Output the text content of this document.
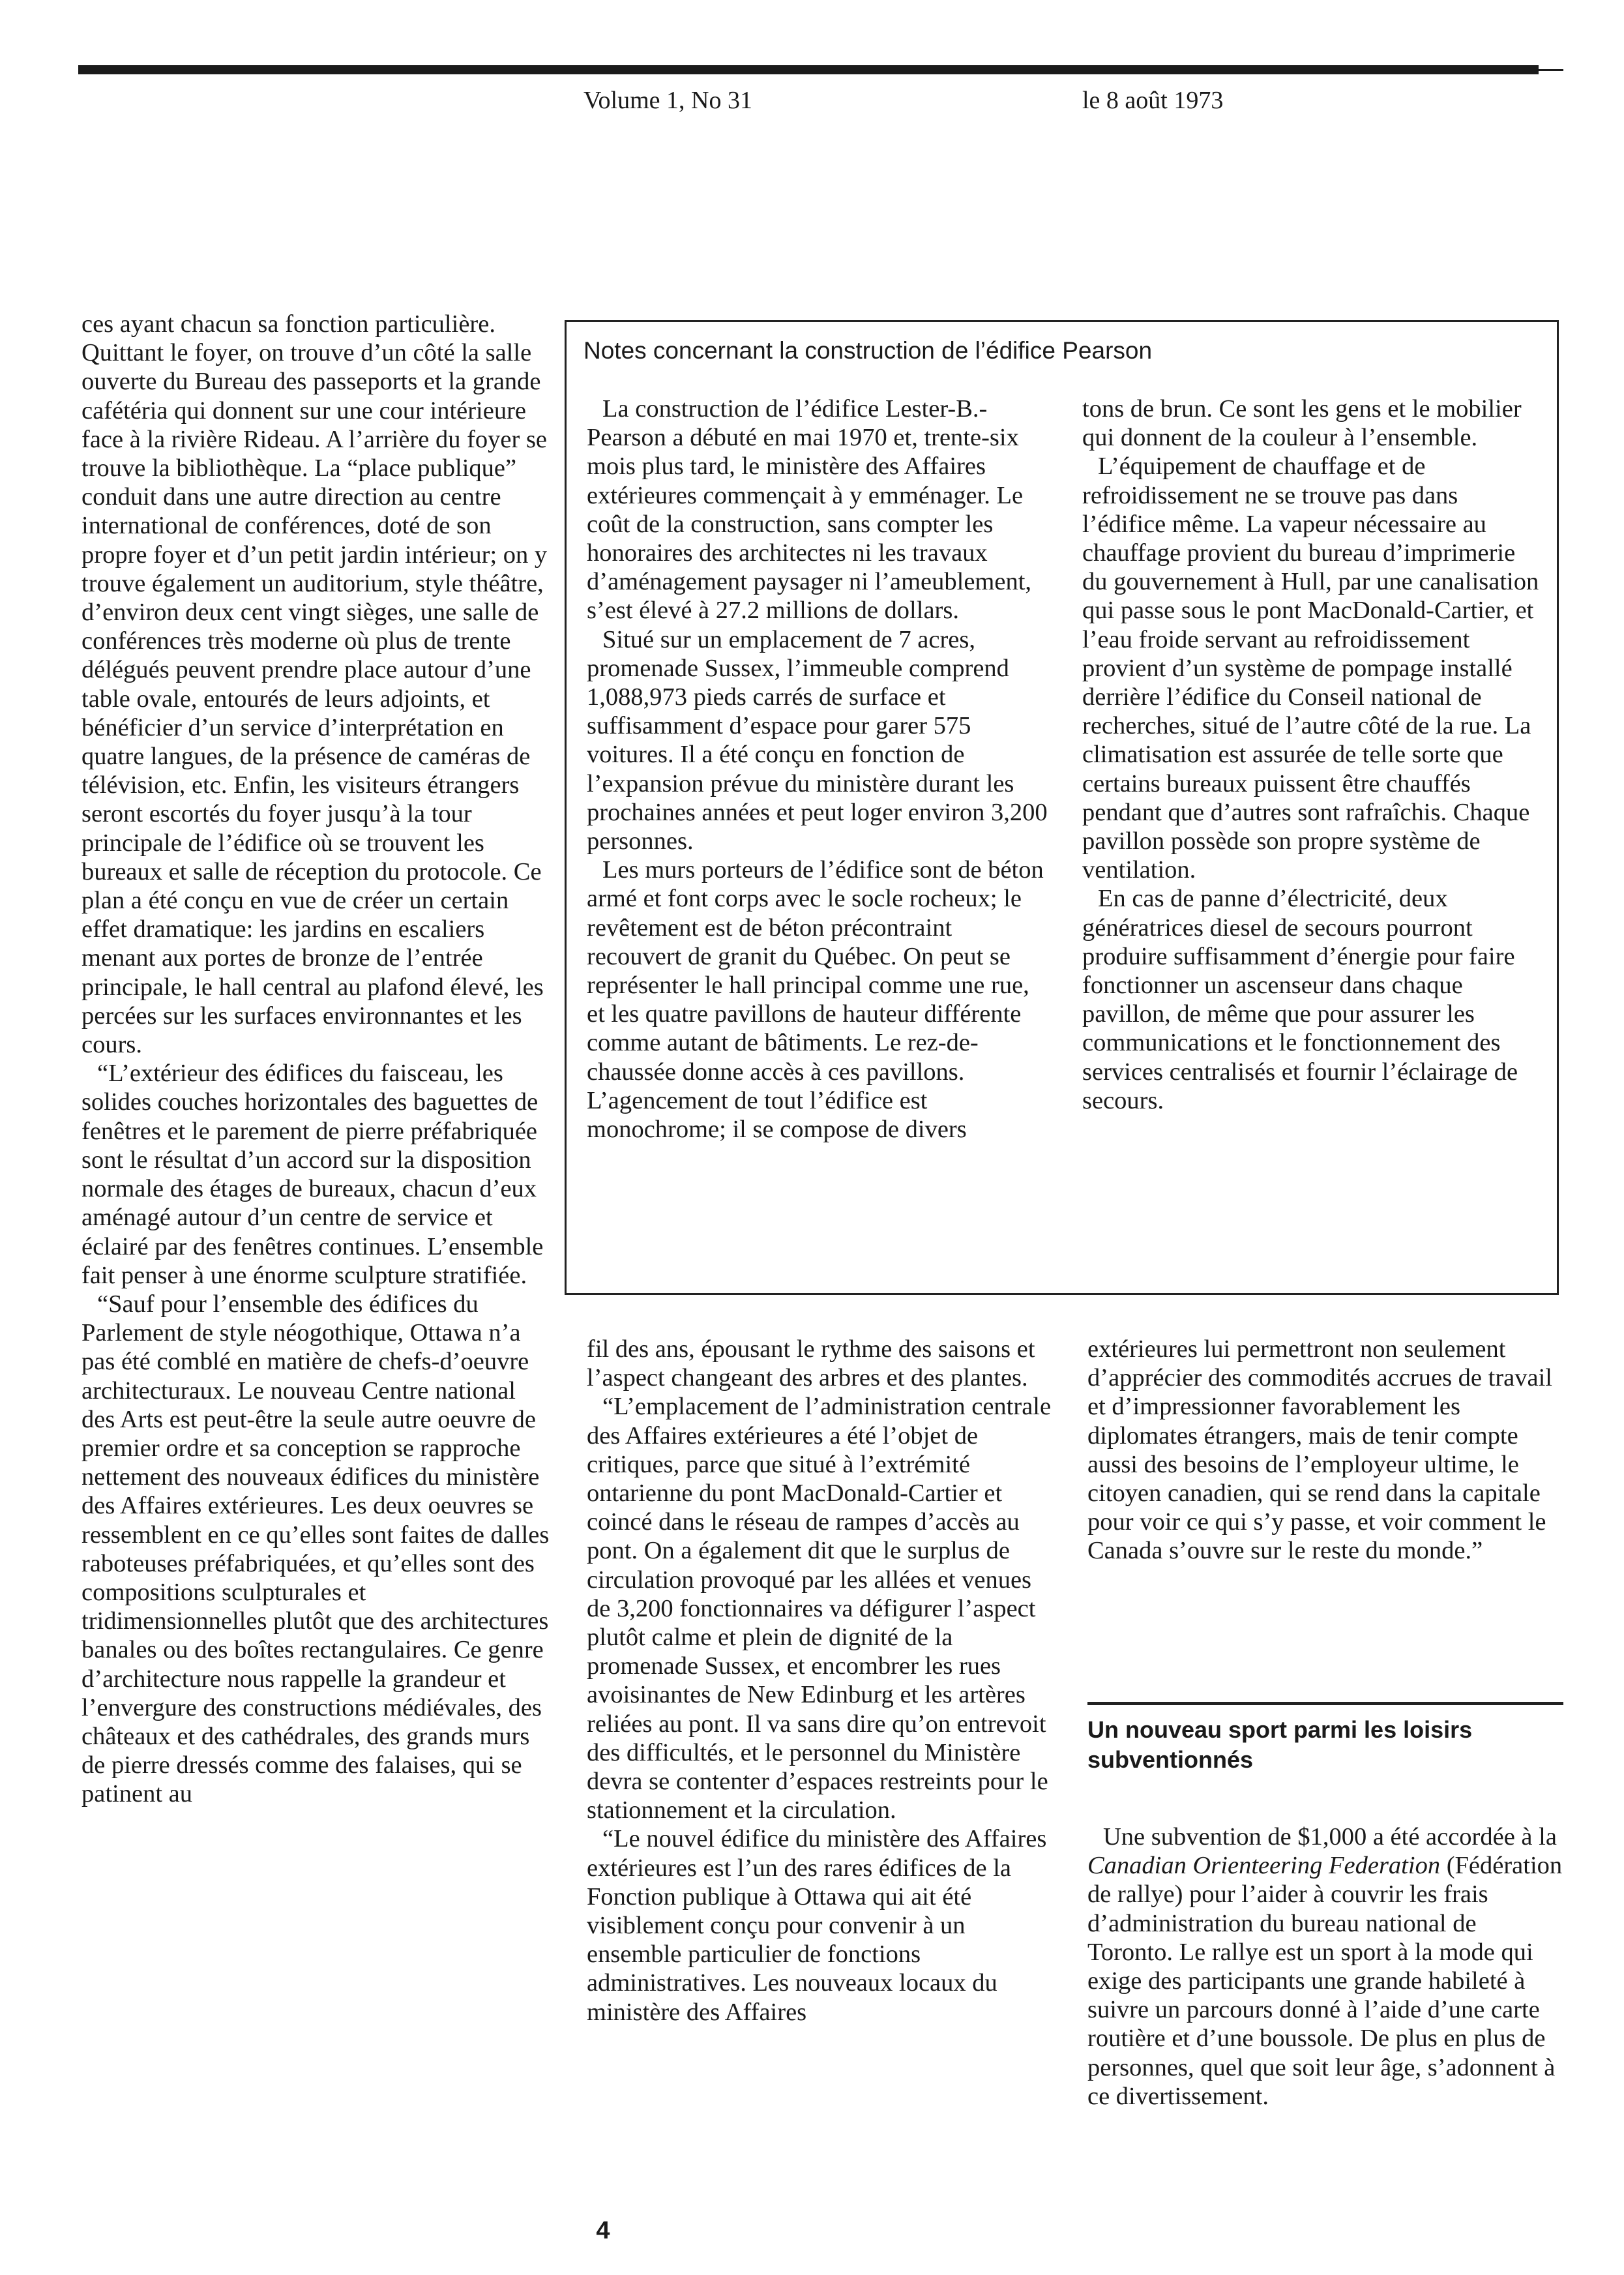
Volume 1, No 31	le 8 août 1973

ces ayant chacun sa fonction particulière. Quittant le foyer, on trouve d’un côté la salle ouverte du Bureau des passeports et la grande cafétéria qui donnent sur une cour intérieure face à la rivière Rideau. A l’arrière du foyer se trouve la bibliothèque. La “place publique” conduit dans une autre direction au centre international de conférences, doté de son propre foyer et d’un petit jardin intérieur; on y trouve également un auditorium, style théâtre, d’environ deux cent vingt sièges, une salle de conférences très moderne où plus de trente délégués peuvent prendre place autour d’une table ovale, entourés de leurs adjoints, et bénéficier d’un service d’interprétation en quatre langues, de la présence de caméras de télévision, etc. Enfin, les visiteurs étrangers seront escortés du foyer jusqu’à la tour principale de l’édifice où se trouvent les bureaux et salle de réception du protocole. Ce plan a été conçu en vue de créer un certain effet dramatique: les jardins en escaliers menant aux portes de bronze de l’entrée principale, le hall central au plafond élevé, les percées sur les surfaces environnantes et les cours.

“L’extérieur des édifices du faisceau, les solides couches horizontales des baguettes de fenêtres et le parement de pierre préfabriquée sont le résultat d’un accord sur la disposition normale des étages de bureaux, chacun d’eux aménagé autour d’un centre de service et éclairé par des fenêtres continues. L’ensemble fait penser à une énorme sculpture stratifiée.

“Sauf pour l’ensemble des édifices du Parlement de style néogothique, Ottawa n’a pas été comblé en matière de chefs-d’oeuvre architecturaux. Le nouveau Centre national des Arts est peut-être la seule autre oeuvre de premier ordre et sa conception se rapproche nettement des nouveaux édifices du ministère des Affaires extérieures. Les deux oeuvres se ressemblent en ce qu’elles sont faites de dalles raboteuses préfabriquées, et qu’elles sont des compositions sculpturales et tridimensionnelles plutôt que des architectures banales ou des boîtes rectangulaires. Ce genre d’architecture nous rappelle la grandeur et l’envergure des constructions médiévales, des châteaux et des cathédrales, des grands murs de pierre dressés comme des falaises, qui se patinent au

Notes concernant la construction de l’édifice Pearson

La construction de l’édifice Lester-B.-Pearson a débuté en mai 1970 et, trente-six mois plus tard, le ministère des Affaires extérieures commençait à y emménager. Le coût de la construction, sans compter les honoraires des architectes ni les travaux d’aménagement paysager ni l’ameublement, s’est élevé à 27.2 millions de dollars.

Situé sur un emplacement de 7 acres, promenade Sussex, l’immeuble comprend 1,088,973 pieds carrés de surface et suffisamment d’espace pour garer 575 voitures. Il a été conçu en fonction de l’expansion prévue du ministère durant les prochaines années et peut loger environ 3,200 personnes.

Les murs porteurs de l’édifice sont de béton armé et font corps avec le socle rocheux; le revêtement est de béton précontraint recouvert de granit du Québec. On peut se représenter le hall principal comme une rue, et les quatre pavillons de hauteur différente comme autant de bâtiments. Le rez-de-chaussée donne accès à ces pavillons. L’agencement de tout l’édifice est monochrome; il se compose de divers

tons de brun. Ce sont les gens et le mobilier qui donnent de la couleur à l’ensemble.

L’équipement de chauffage et de refroidissement ne se trouve pas dans l’édifice même. La vapeur nécessaire au chauffage provient du bureau d’imprimerie du gouvernement à Hull, par une canalisation qui passe sous le pont MacDonald-Cartier, et l’eau froide servant au refroidissement provient d’un système de pompage installé derrière l’édifice du Conseil national de recherches, situé de l’autre côté de la rue. La climatisation est assurée de telle sorte que certains bureaux puissent être chauffés pendant que d’autres sont rafraîchis. Chaque pavillon possède son propre système de ventilation.

En cas de panne d’électricité, deux génératrices diesel de secours pourront produire suffisamment d’énergie pour faire fonctionner un ascenseur dans chaque pavillon, de même que pour assurer les communications et le fonctionnement des services centralisés et fournir l’éclairage de secours.

fil des ans, épousant le rythme des saisons et l’aspect changeant des arbres et des plantes.

“L’emplacement de l’administration centrale des Affaires extérieures a été l’objet de critiques, parce que situé à l’extrémité ontarienne du pont MacDonald-Cartier et coincé dans le réseau de rampes d’accès au pont. On a également dit que le surplus de circulation provoqué par les allées et venues de 3,200 fonctionnaires va défigurer l’aspect plutôt calme et plein de dignité de la promenade Sussex, et encombrer les rues avoisinantes de New Edinburg et les artères reliées au pont. Il va sans dire qu’on entrevoit des difficultés, et le personnel du Ministère devra se contenter d’espaces restreints pour le stationnement et la circulation.

“Le nouvel édifice du ministère des Affaires extérieures est l’un des rares édifices de la Fonction publique à Ottawa qui ait été visiblement conçu pour convenir à un ensemble particulier de fonctions administratives. Les nouveaux locaux du ministère des Affaires

extérieures lui permettront non seulement d’apprécier des commodités accrues de travail et d’impressionner favorablement les diplomates étrangers, mais de tenir compte aussi des besoins de l’employeur ultime, le citoyen canadien, qui se rend dans la capitale pour voir ce qui s’y passe, et voir comment le Canada s’ouvre sur le reste du monde.”

Un nouveau sport parmi les loisirs subventionnés

Une subvention de $1,000 a été accordée à la Canadian Orienteering Federation (Fédération de rallye) pour l’aider à couvrir les frais d’administration du bureau national de Toronto. Le rallye est un sport à la mode qui exige des participants une grande habileté à suivre un parcours donné à l’aide d’une carte routière et d’une boussole. De plus en plus de personnes, quel que soit leur âge, s’adonnent à ce divertissement.

4
